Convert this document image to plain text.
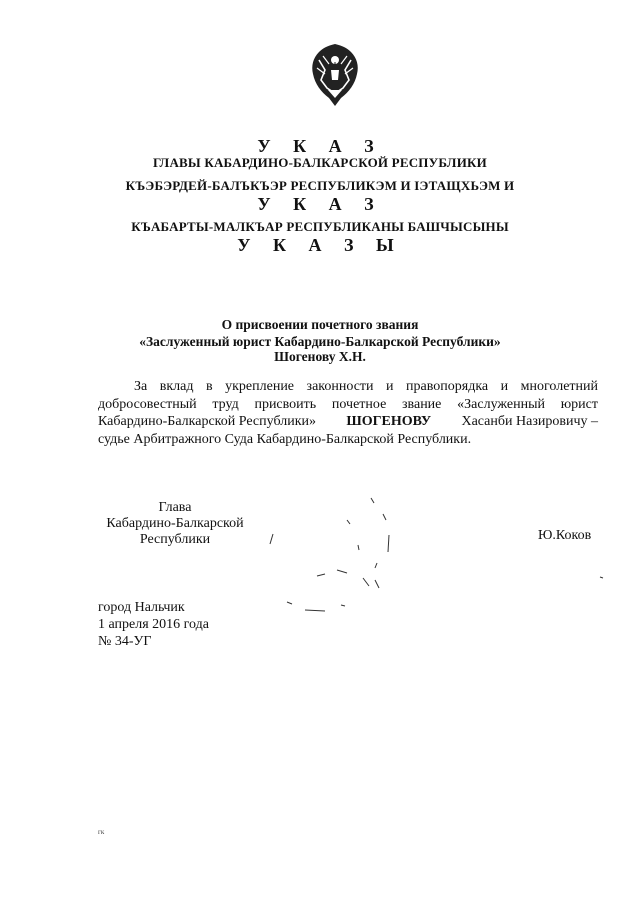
У К А З
ГЛАВЫ КАБАРДИНО-БАЛКАРСКОЙ РЕСПУБЛИКИ
КЪЭБЭРДЕЙ-БАЛЪКЪЭР РЕСПУБЛИКЭМ И ІЭТАЩХЬЭМ И
У К А З
КЪАБАРТЫ-МАЛКЪАР РЕСПУБЛИКАНЫ БАШЧЫСЫНЫ
У К А З Ы
О присвоении почетного звания
«Заслуженный юрист Кабардино-Балкарской Республики»
Шогенову Х.Н.
За вклад в укрепление законности и правопорядка и многолетний
добросовестный труд присвоить почетное звание «Заслуженный юрист
Кабардино-Балкарской Республики» ШОГЕНОВУ Хасанби Назировичу –
судье Арбитражного Суда Кабардино-Балкарской Республики.
Глава
Кабардино-Балкарской
Республики	Ю.Коков
город Нальчик
1 апреля 2016 года
№ 34-УГ
гк
